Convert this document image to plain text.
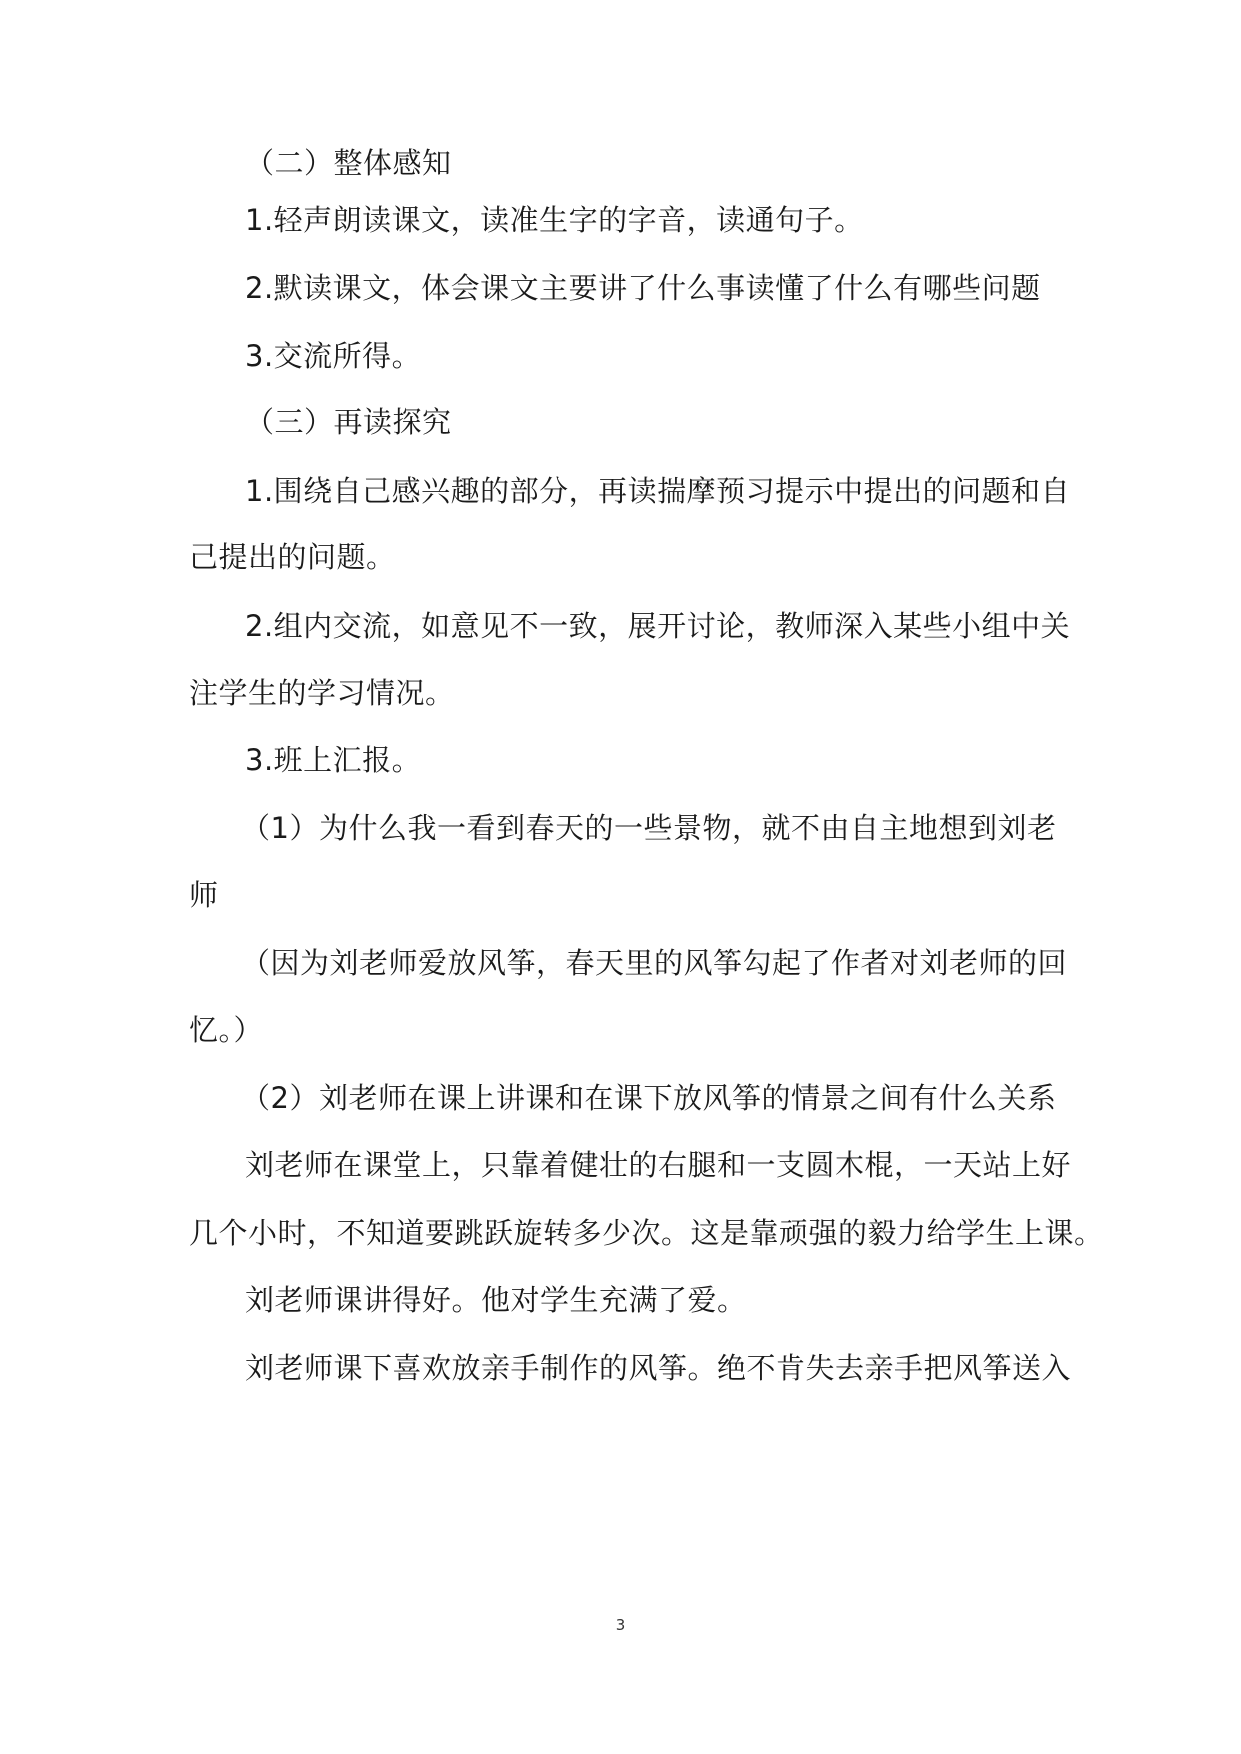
（二）整体感知
1.轻声朗读课文，读准生字的字音，读通句子。
2.默读课文，体会课文主要讲了什么事读懂了什么有哪些问题
3.交流所得。
（三）再读探究
1.围绕自己感兴趣的部分，再读揣摩预习提示中提出的问题和自
己提出的问题。
2.组内交流，如意见不一致，展开讨论，教师深入某些小组中关
注学生的学习情况。
3.班上汇报。
（1）为什么我一看到春天的一些景物，就不由自主地想到刘老
师
（因为刘老师爱放风筝，春天里的风筝勾起了作者对刘老师的回
忆。）
（2）刘老师在课上讲课和在课下放风筝的情景之间有什么关系
刘老师在课堂上，只靠着健壮的右腿和一支圆木棍，一天站上好
几个小时，不知道要跳跃旋转多少次。这是靠顽强的毅力给学生上课。
刘老师课讲得好。他对学生充满了爱。
刘老师课下喜欢放亲手制作的风筝。绝不肯失去亲手把风筝送入
3
